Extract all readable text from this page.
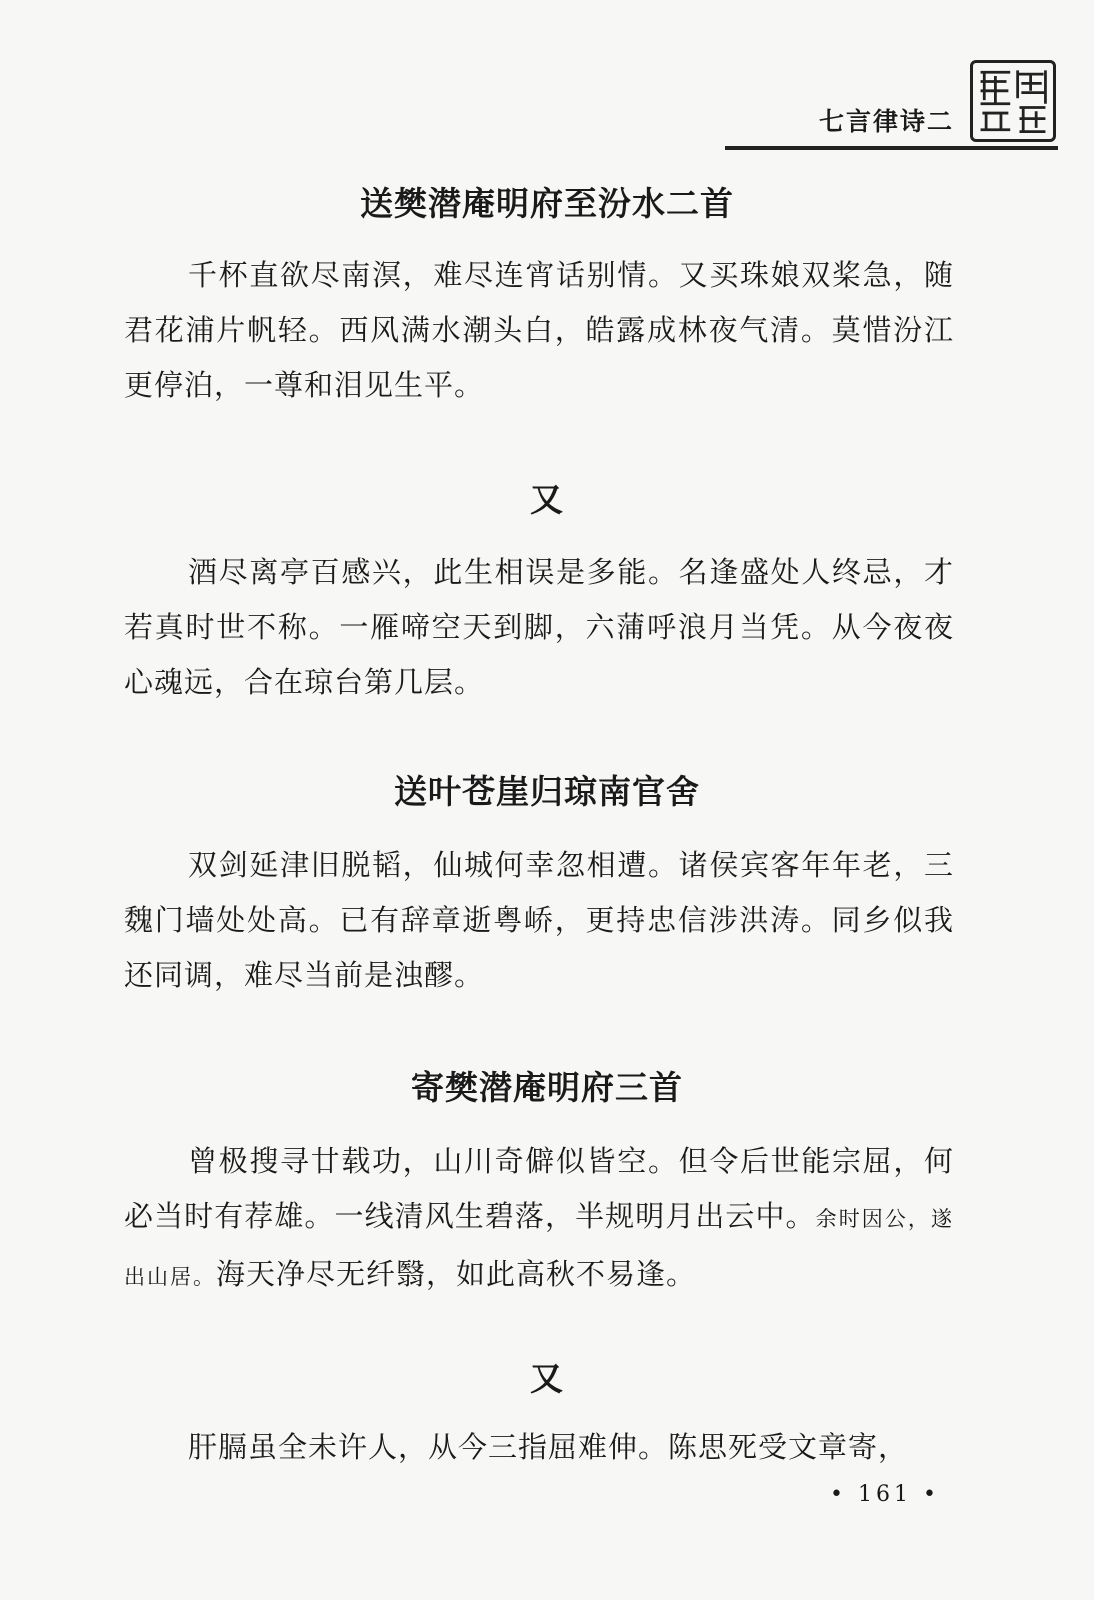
七言律诗二
送樊潜庵明府至汾水二首

千杯直欲尽南溟，难尽连宵话别情。又买珠娘双桨急，随君花浦片帆轻。西风满水潮头白，皓露成林夜气清。莫惜汾江更停泊，一尊和泪见生平。

又

酒尽离亭百感兴，此生相误是多能。名逢盛处人终忌，才若真时世不称。一雁啼空天到脚，六蒲呼浪月当凭。从今夜夜心魂远，合在琼台第几层。

送叶苍崖归琼南官舍

双剑延津旧脱韬，仙城何幸忽相遭。诸侯宾客年年老，三魏门墙处处高。已有辞章逝粤峤，更持忠信涉洪涛。同乡似我还同调，难尽当前是浊醪。

寄樊潜庵明府三首

曾极搜寻廿载功，山川奇僻似皆空。但令后世能宗屈，何必当时有荐雄。一线清风生碧落，半规明月出云中。余时因公，遂出山居。海天净尽无纤翳，如此高秋不易逢。

又

肝膈虽全未许人，从今三指屈难伸。陈思死受文章寄，

• 161 •
